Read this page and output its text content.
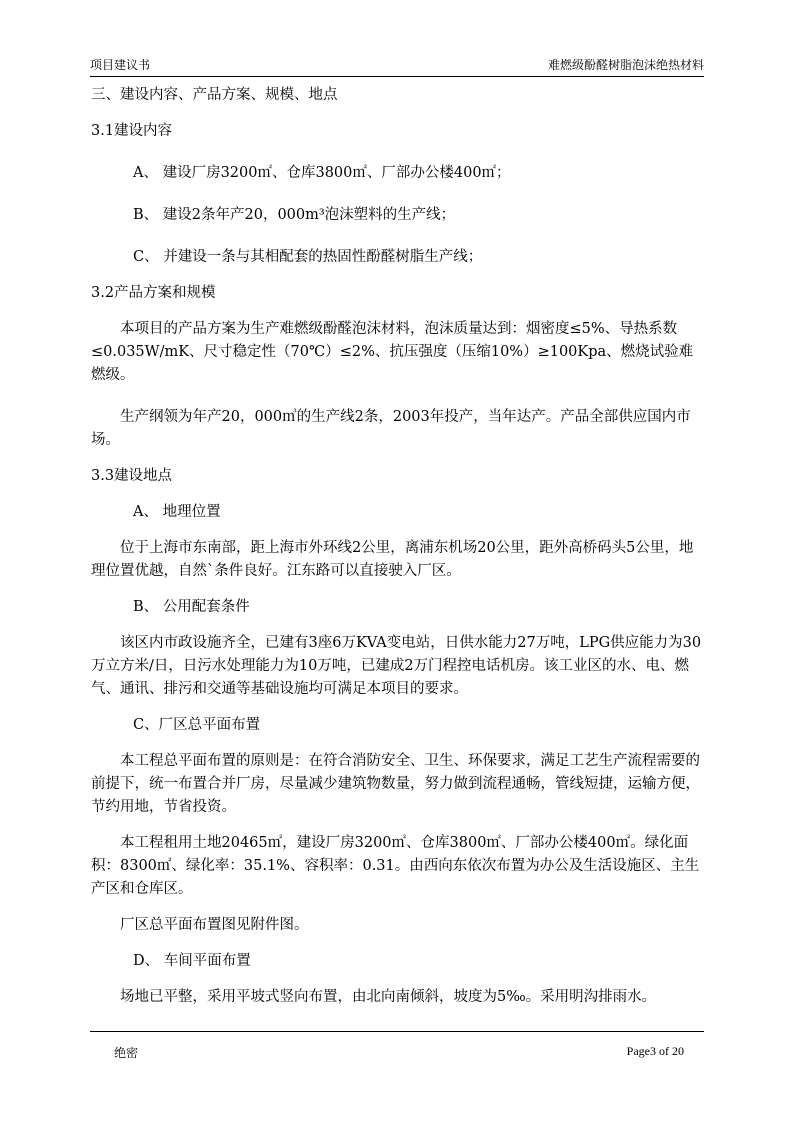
项目建议书	难燃级酚醛树脂泡沫绝热材料

三、建设内容、产品方案、规模、地点

3.1建设内容

A、 建设厂房3200㎡、仓库3800㎡、厂部办公楼400㎡；

B、 建设2条年产20，000m³泡沫塑料的生产线；

C、 并建设一条与其相配套的热固性酚醛树脂生产线；

3.2产品方案和规模

本项目的产品方案为生产难燃级酚醛泡沫材料，泡沫质量达到：烟密度≤5%、导热系数≤0.035W/mK、尺寸稳定性（70℃）≤2%、抗压强度（压缩10%）≥100Kpa、燃烧试验难燃级。

生产纲领为年产20，000㎥的生产线2条，2003年投产，当年达产。产品全部供应国内市场。

3.3建设地点

A、 地理位置

位于上海市东南部，距上海市外环线2公里，离浦东机场20公里，距外高桥码头5公里，地理位置优越，自然`条件良好。江东路可以直接驶入厂区。

B、 公用配套条件

该区内市政设施齐全，已建有3座6万KVA变电站，日供水能力27万吨，LPG供应能力为30万立方米/日，日污水处理能力为10万吨，已建成2万门程控电话机房。该工业区的水、电、燃气、通讯、排污和交通等基础设施均可满足本项目的要求。

C、厂区总平面布置

本工程总平面布置的原则是：在符合消防安全、卫生、环保要求，满足工艺生产流程需要的前提下，统一布置合并厂房，尽量减少建筑物数量，努力做到流程通畅，管线短捷，运输方便，节约用地，节省投资。

本工程租用土地20465㎡，建设厂房3200㎡、仓库3800㎡、厂部办公楼400㎡。绿化面积：8300㎡、绿化率：35.1%、容积率：0.31。由西向东依次布置为办公及生活设施区、主生产区和仓库区。

厂区总平面布置图见附件图。

D、 车间平面布置

场地已平整，采用平坡式竖向布置，由北向南倾斜，坡度为5‰。采用明沟排雨水。

绝密	Page3 of 20
